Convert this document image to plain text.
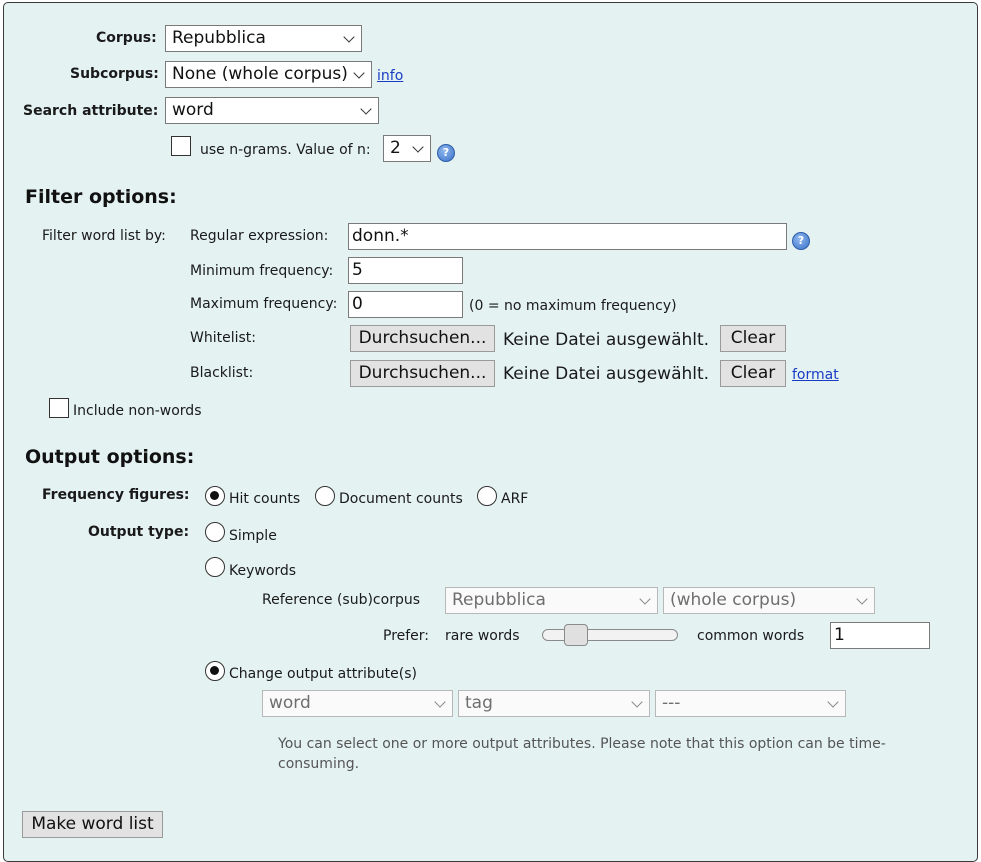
Corpus: Repubblica
Subcorpus: None (whole corpus)	info
Search attribute: word
use n-grams. Value of n:	2	?
Filter options:
Filter word list by: Regular expression: donn.*	?
Minimum frequency: 5
Maximum frequency: 0	(0 = no maximum frequency)
Whitelist:	Durchsuchen... Keine Datei ausgewählt.	Clear
Blacklist:	Durchsuchen... Keine Datei ausgewählt.	Clear	format
Include non-words
Output options:
Frequency figures:	Hit counts	Document counts	ARF
Output type:	Simple
Keywords
Reference (sub)corpus	Repubblica	(whole corpus)
Prefer: rare words	common words 1
Change output attribute(s)
word	tag	---
You can select one or more output attributes. Please note that this option can be time-consuming.
Make word list
